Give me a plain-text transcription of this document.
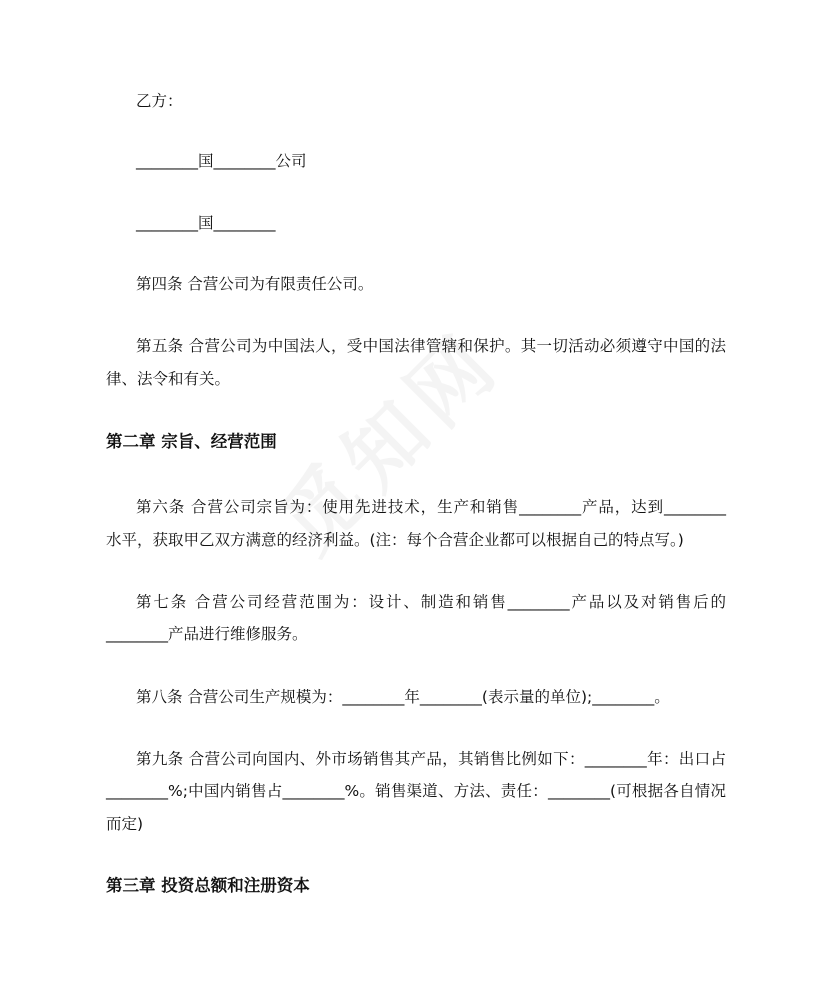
乙方：
________国________公司
________国________
第四条 合营公司为有限责任公司。
第五条 合营公司为中国法人，受中国法律管辖和保护。其一切活动必须遵守中国的法
律、法令和有关。
第二章 宗旨、经营范围
第六条 合营公司宗旨为：使用先进技术，生产和销售________产品，达到________
水平，获取甲乙双方满意的经济利益。(注：每个合营企业都可以根据自己的特点写。)
第七条 合营公司经营范围为：设计、制造和销售________产品以及对销售后的
________产品进行维修服务。
第八条 合营公司生产规模为：________年________(表示量的单位);________。
第九条 合营公司向国内、外市场销售其产品，其销售比例如下：________年：出口占
________%;中国内销售占________%。销售渠道、方法、责任：________(可根据各自情况
而定)
第三章 投资总额和注册资本
